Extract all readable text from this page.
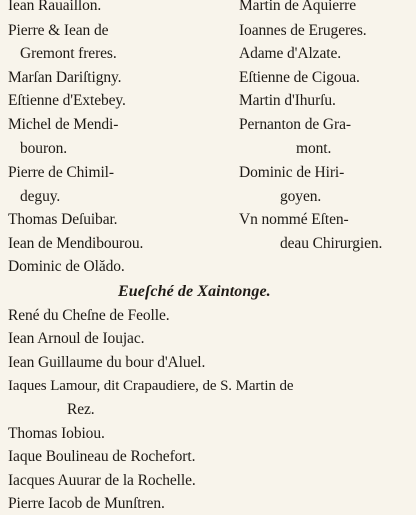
Iean Rauaillon.
Pierre & Iean de
Gremont freres.
Marſan Dariſtigny.
Eſtienne d'Extebey.
Michel de Mendi-
bouron.
Pierre de Chimil-
deguy.
Thomas Deſuibar.
Iean de Mendibourou.
Dominic de Olădo.
Martin de Aquierre
Ioannes de Erugeres.
Adame d'Alzate.
Eſtienne de Cigoua.
Martin d'Ihurſu.
Pernanton de Gra-
mont.
Dominic de Hiri-
goyen.
Vn nommé Eſten-
deau Chirurgien.
Eueſché de Xaintonge.
René du Cheſne de Feolle.
Iean Arnoul de Ioujac.
Iean Guillaume du bour d'Aluel.
Iaques Lamour, dit Crapaudiere, de S. Martin de
Rez.
Thomas Iobiou.
Iaque Boulineau de Rochefort.
Iacques Auurar de la Rochelle.
Pierre Iacob de Munſtren.
